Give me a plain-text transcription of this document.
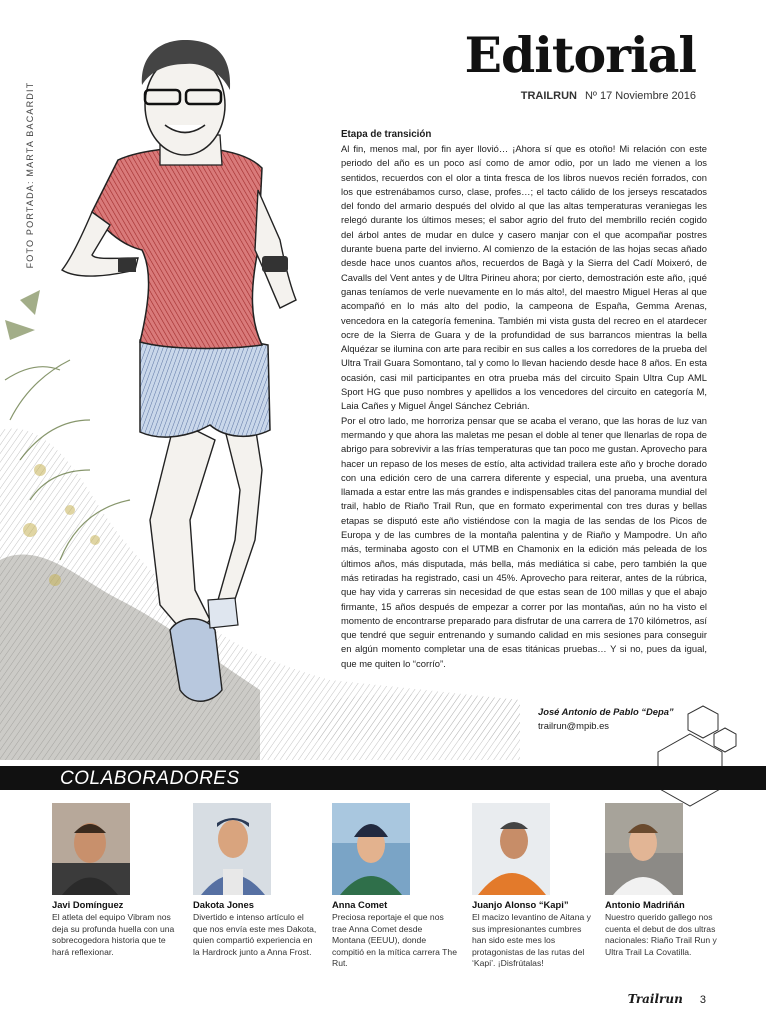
FOTO PORTADA: MARTA BACARDIT
Editorial
TRAILRUN Nº 17 Noviembre 2016
Etapa de transición

Al fin, menos mal, por fin ayer llovió… ¡Ahora sí que es otoño! Mi relación con este periodo del año es un poco así como de amor odio, por un lado me vienen a los sentidos, recuerdos con el olor a tinta fresca de los libros nuevos recién forrados, con los que estrenábamos curso, clase, profes…; el tacto cálido de los jerseys rescatados del fondo del armario después del olvido al que las altas temperaturas veraniegas les relegó durante los últimos meses; el sabor agrio del fruto del membrillo recién cogido del árbol antes de mudar en dulce y casero manjar con el que acompañar postres durante buena parte del invierno. Al comienzo de la estación de las hojas secas añado desde hace unos cuantos años, recuerdos de Bagà y la Sierra del Cadí Moixeró, de Cavalls del Vent antes y de Ultra Pirineu ahora; por cierto, demostración este año, ¡qué ganas teníamos de verle nuevamente en lo más alto!, del maestro Miguel Heras al que acompañó en lo más alto del podio, la campeona de España, Gemma Arenas, vencedora en la categoría femenina. También mi vista gusta del recreo en el atardecer ocre de la Sierra de Guara y de la profundidad de sus barrancos mientras la bella Alquézar se ilumina con arte para recibir en sus calles a los corredores de la prueba del Ultra Trail Guara Somontano, tal y como lo llevan haciendo desde hace 8 años. En esta ocasión, casi mil participantes en otra prueba más del circuito Spain Ultra Cup AML Sport HG que puso nombres y apellidos a los vencedores del circuito en categoría M, Laia Cañes y Miguel Ángel Sánchez Cebrián.

Por el otro lado, me horroriza pensar que se acaba el verano, que las horas de luz van mermando y que ahora las maletas me pesan el doble al tener que llenarlas de ropa de abrigo para sobrevivir a las frías temperaturas que tan poco me gustan. Aprovecho para hacer un repaso de los meses de estío, alta actividad trailera este año y broche dorado con una edición cero de una carrera diferente y especial, una prueba, una aventura llamada a estar entre las más grandes e indispensables citas del panorama mundial del trail, hablo de Riaño Trail Run, que en formato experimental con tres duras y bellas etapas se disputó este año vistiéndose con la magia de las sendas de los Picos de Europa y de las cumbres de la montaña palentina y de Riaño y Mampodre. Un año más, terminaba agosto con el UTMB en Chamonix en la edición más peleada de los últimos años, más disputada, más bella, más mediática si cabe, pero también la que más retiradas ha registrado, casi un 45%. Aprovecho para reiterar, antes de la rúbrica, que hay vida y carreras sin necesidad de que estas sean de 100 millas y que el abajo firmante, 15 años después de empezar a correr por las montañas, aún no ha visto el momento de encontrarse preparado para disfrutar de una carrera de 170 kilómetros, así que tendré que seguir entrenando y sumando calidad en mis sesiones para conseguir en algún momento completar una de esas titánicas pruebas… Y si no, pues da igual, que me quiten lo “corrío”.

José Antonio de Pablo “Depa”
trailrun@mpib.es
COLABORADORES
Javi Domínguez
El atleta del equipo Vibram nos deja su profunda huella con una sobrecogedora historia que te hará reflexionar.
Dakota Jones
Divertido e intenso artículo el que nos envía este mes Dakota, quien compartió experiencia en la Hardrock junto a Anna Frost.
Anna Comet
Preciosa reportaje el que nos trae Anna Comet desde Montana (EEUU), donde compitió en la mítica carrera The Rut.
Juanjo Alonso “Kapi”
El macizo levantino de Aitana y sus impresionantes cumbres han sido este mes los protagonistas de las rutas del ‘Kapi’. ¡Disfrútalas!
Antonio Madriñán
Nuestro querido gallego nos cuenta el debut de dos ultras nacionales: Riaño Trail Run y Ultra Trail La Covatilla.
Trailrun 3
